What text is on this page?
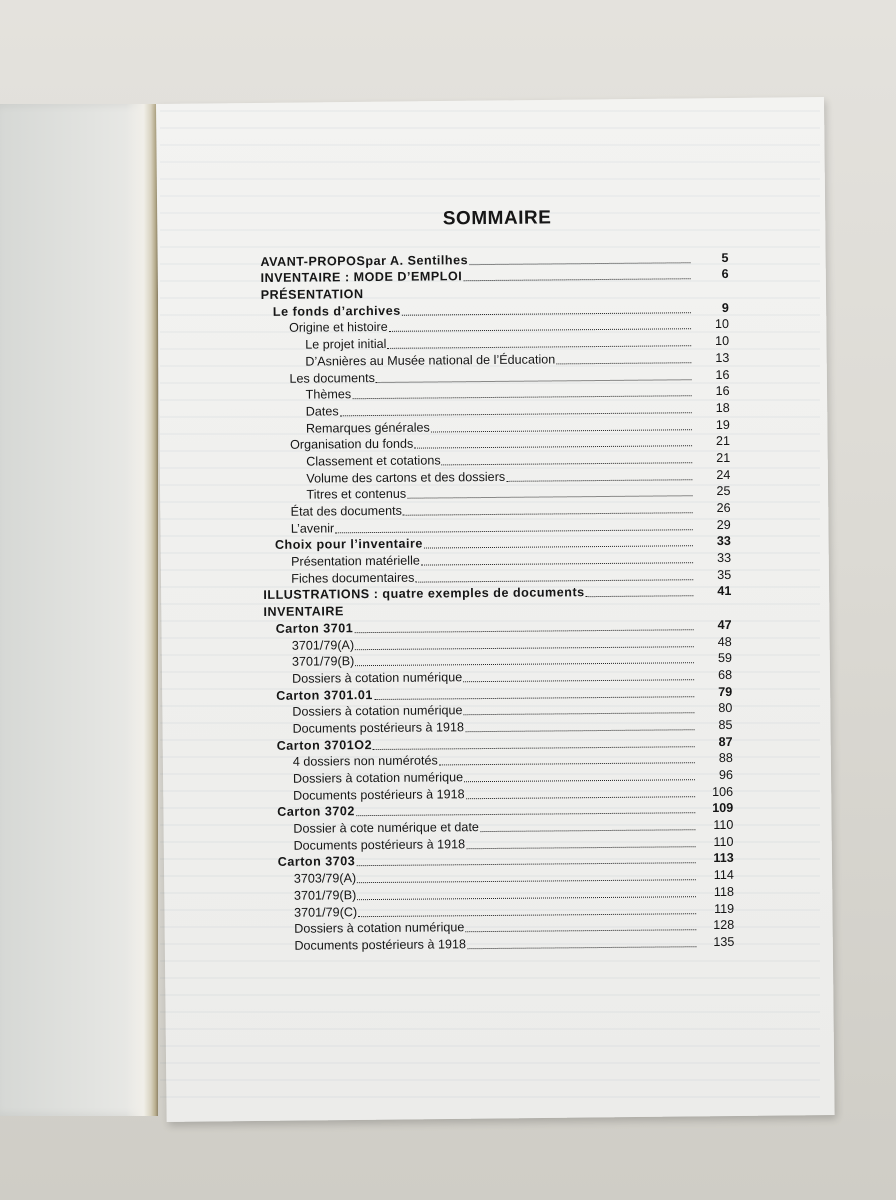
SOMMAIRE
AVANT-PROPOS par A. Sentilhes	5
INVENTAIRE : MODE D’EMPLOI	6
PRÉSENTATION
Le fonds d’archives	9
Origine et histoire	10
Le projet initial	10
D’Asnières au Musée national de l’Éducation	13
Les documents	16
Thèmes	16
Dates	18
Remarques générales	19
Organisation du fonds	21
Classement et cotations	21
Volume des cartons et des dossiers	24
Titres et contenus	25
État des documents	26
L’avenir	29
Choix pour l’inventaire	33
Présentation matérielle	33
Fiches documentaires	35
ILLUSTRATIONS : quatre exemples de documents	41
INVENTAIRE
Carton 3701	47
3701/79(A)	48
3701/79(B)	59
Dossiers à cotation numérique	68
Carton 3701.01	79
Dossiers à cotation numérique	80
Documents postérieurs à 1918	85
Carton 3701O2	87
4 dossiers non numérotés	88
Dossiers à cotation numérique	96
Documents postérieurs à 1918	106
Carton 3702	109
Dossier à cote numérique et date	110
Documents postérieurs à 1918	110
Carton 3703	113
3703/79(A)	114
3701/79(B)	118
3701/79(C)	119
Dossiers à cotation numérique	128
Documents postérieurs à 1918	135
